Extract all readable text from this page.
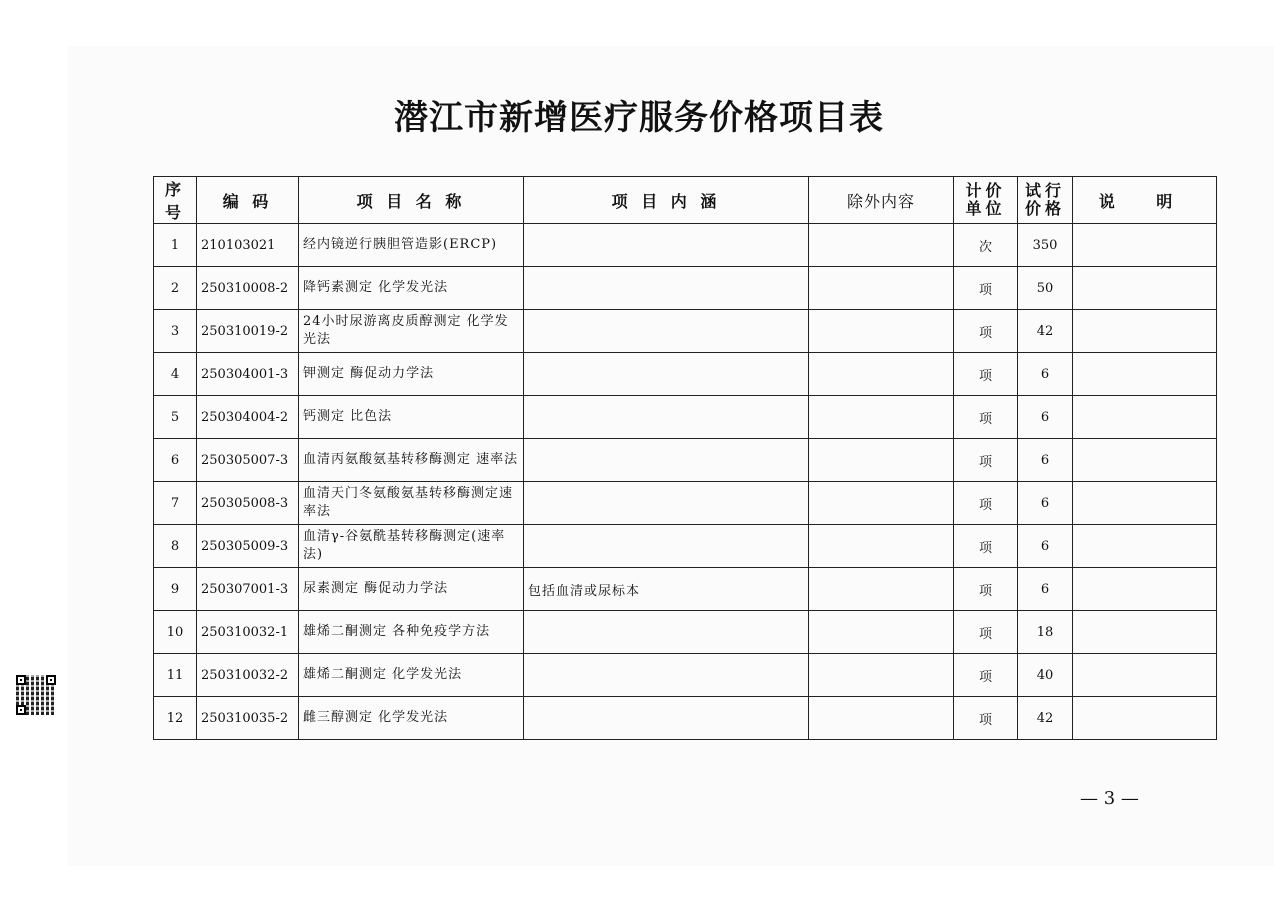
潜江市新增医疗服务价格项目表
序号	编 码	项 目 名 称	项 目 内 涵	除外内容	计价单位	试行价格	说 明
1	210103021	经内镜逆行胰胆管造影(ERCP)			次	350	
2	250310008-2	降钙素测定 化学发光法			项	50	
3	250310019-2	24小时尿游离皮质醇测定 化学发光法			项	42	
4	250304001-3	钾测定 酶促动力学法			项	6	
5	250304004-2	钙测定 比色法			项	6	
6	250305007-3	血清丙氨酸氨基转移酶测定 速率法			项	6	
7	250305008-3	血清天门冬氨酸氨基转移酶测定速率法			项	6	
8	250305009-3	血清γ-谷氨酰基转移酶测定(速率法)			项	6	
9	250307001-3	尿素测定 酶促动力学法	包括血清或尿标本		项	6	
10	250310032-1	雄烯二酮测定 各种免疫学方法			项	18	
11	250310032-2	雄烯二酮测定 化学发光法			项	40	
12	250310035-2	雌三醇测定 化学发光法			项	42	
— 3 —
